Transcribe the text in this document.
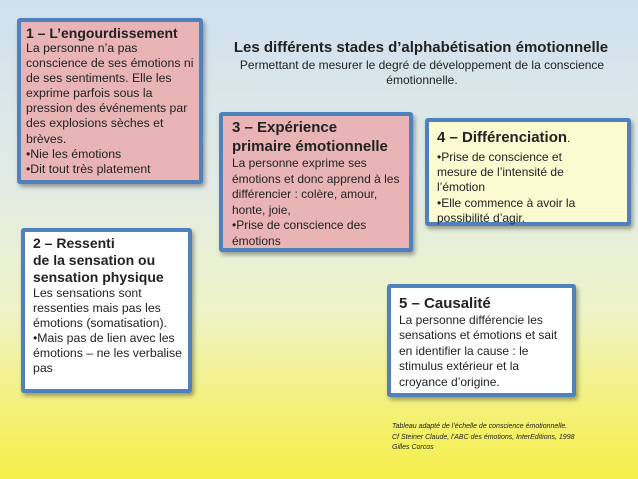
Les différents stades d’alphabétisation émotionnelle
Permettant de mesurer le degré de développement de la conscience émotionnelle.
1 – L’engourdissement
La personne n’a pas
conscience de ses émotions ni
de ses sentiments. Elle les
exprime parfois sous la
pression des événements par
des explosions sèches et
brèves.
•Nie les émotions
•Dit tout très platement
2 – Ressenti
de la sensation ou
sensation physique
Les sensations sont
ressenties mais pas les
émotions (somatisation).
•Mais pas de lien avec les
émotions – ne les verbalise
pas
3 – Expérience
primaire émotionnelle
La personne exprime ses
émotions et donc apprend à les
différencier : colère, amour,
honte, joie,
•Prise de conscience des
émotions
4 – Différenciation.
•Prise de conscience et
mesure de l’intensité de
l’émotion
•Elle commence à avoir la
possibilité d’agir.
5 – Causalité
La personne différencie les
sensations et émotions et sait
en identifier la cause : le
stimulus extérieur et la
croyance d’origine.
Tableau adapté de l’échelle de conscience émotionnelle.
Cf Steiner Claude, l’ABC des émotions, InterEditions, 1998
Gilles Corcos
